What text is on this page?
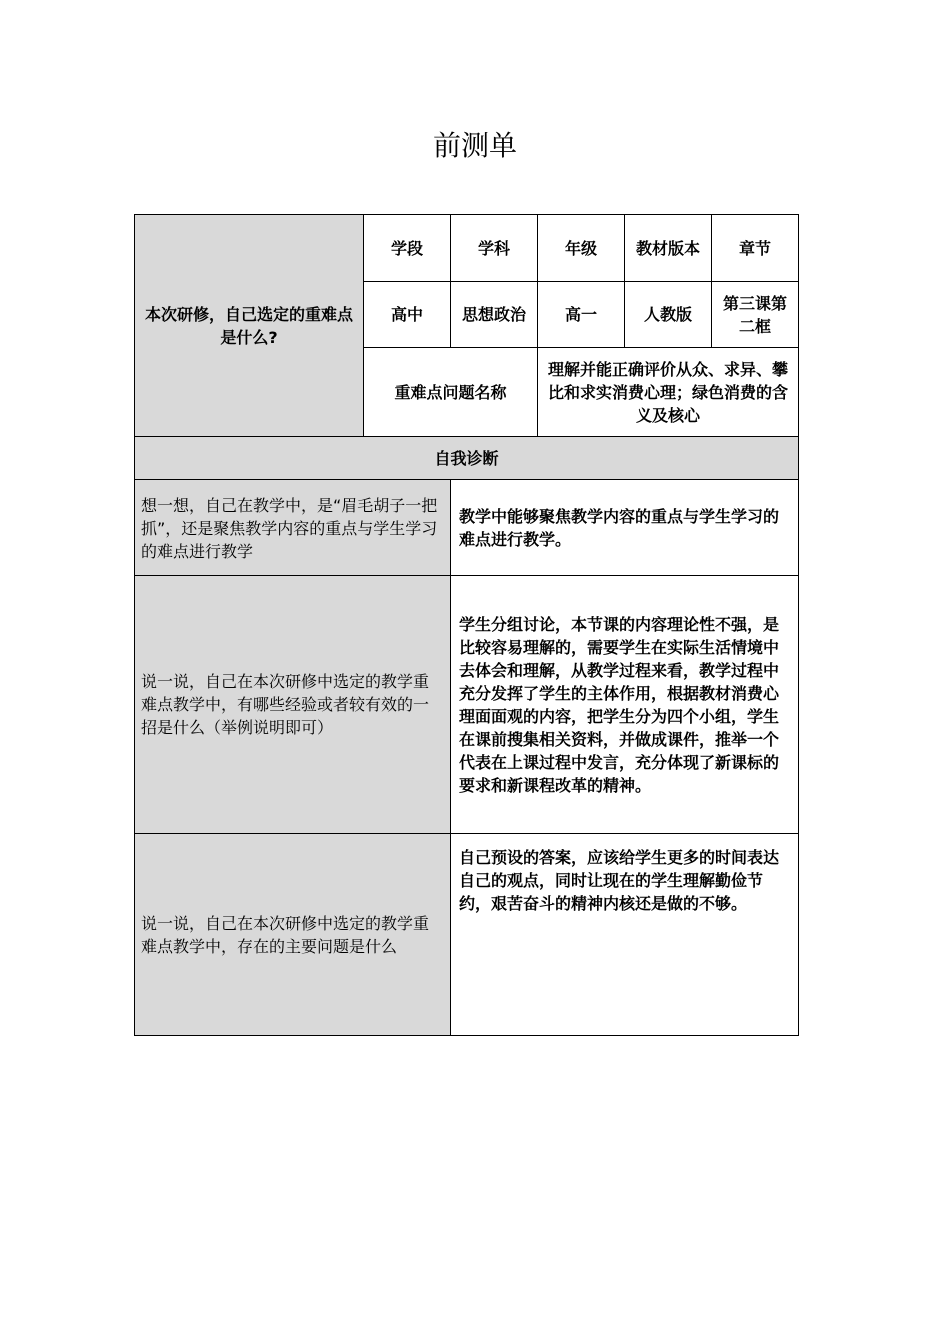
前测单
本次研修，自己选定的重难点是什么?	学段	学科	年级	教材版本	章节
	高中	思想政治	高一	人教版	第三课第二框
	重难点问题名称		理解并能正确评价从众、求异、攀比和求实消费心理；绿色消费的含义及核心		
自我诊断					
想一想，自己在教学中，是“眉毛胡子一把抓”，还是聚焦教学内容的重点与学生学习的难点进行教学		教学中能够聚焦教学内容的重点与学生学习的难点进行教学。			
说一说，自己在本次研修中选定的教学重难点教学中，有哪些经验或者较有效的一招是什么（举例说明即可）		学生分组讨论，本节课的内容理论性不强，是比较容易理解的，需要学生在实际生活情境中去体会和理解，从教学过程来看，教学过程中充分发挥了学生的主体作用，根据教材消费心理面面观的内容，把学生分为四个小组，学生在课前搜集相关资料，并做成课件，推举一个代表在上课过程中发言，充分体现了新课标的要求和新课程改革的精神。			
说一说，自己在本次研修中选定的教学重难点教学中，存在的主要问题是什么		自己预设的答案，应该给学生更多的时间表达自己的观点，同时让现在的学生理解勤俭节约，艰苦奋斗的精神内核还是做的不够。			
